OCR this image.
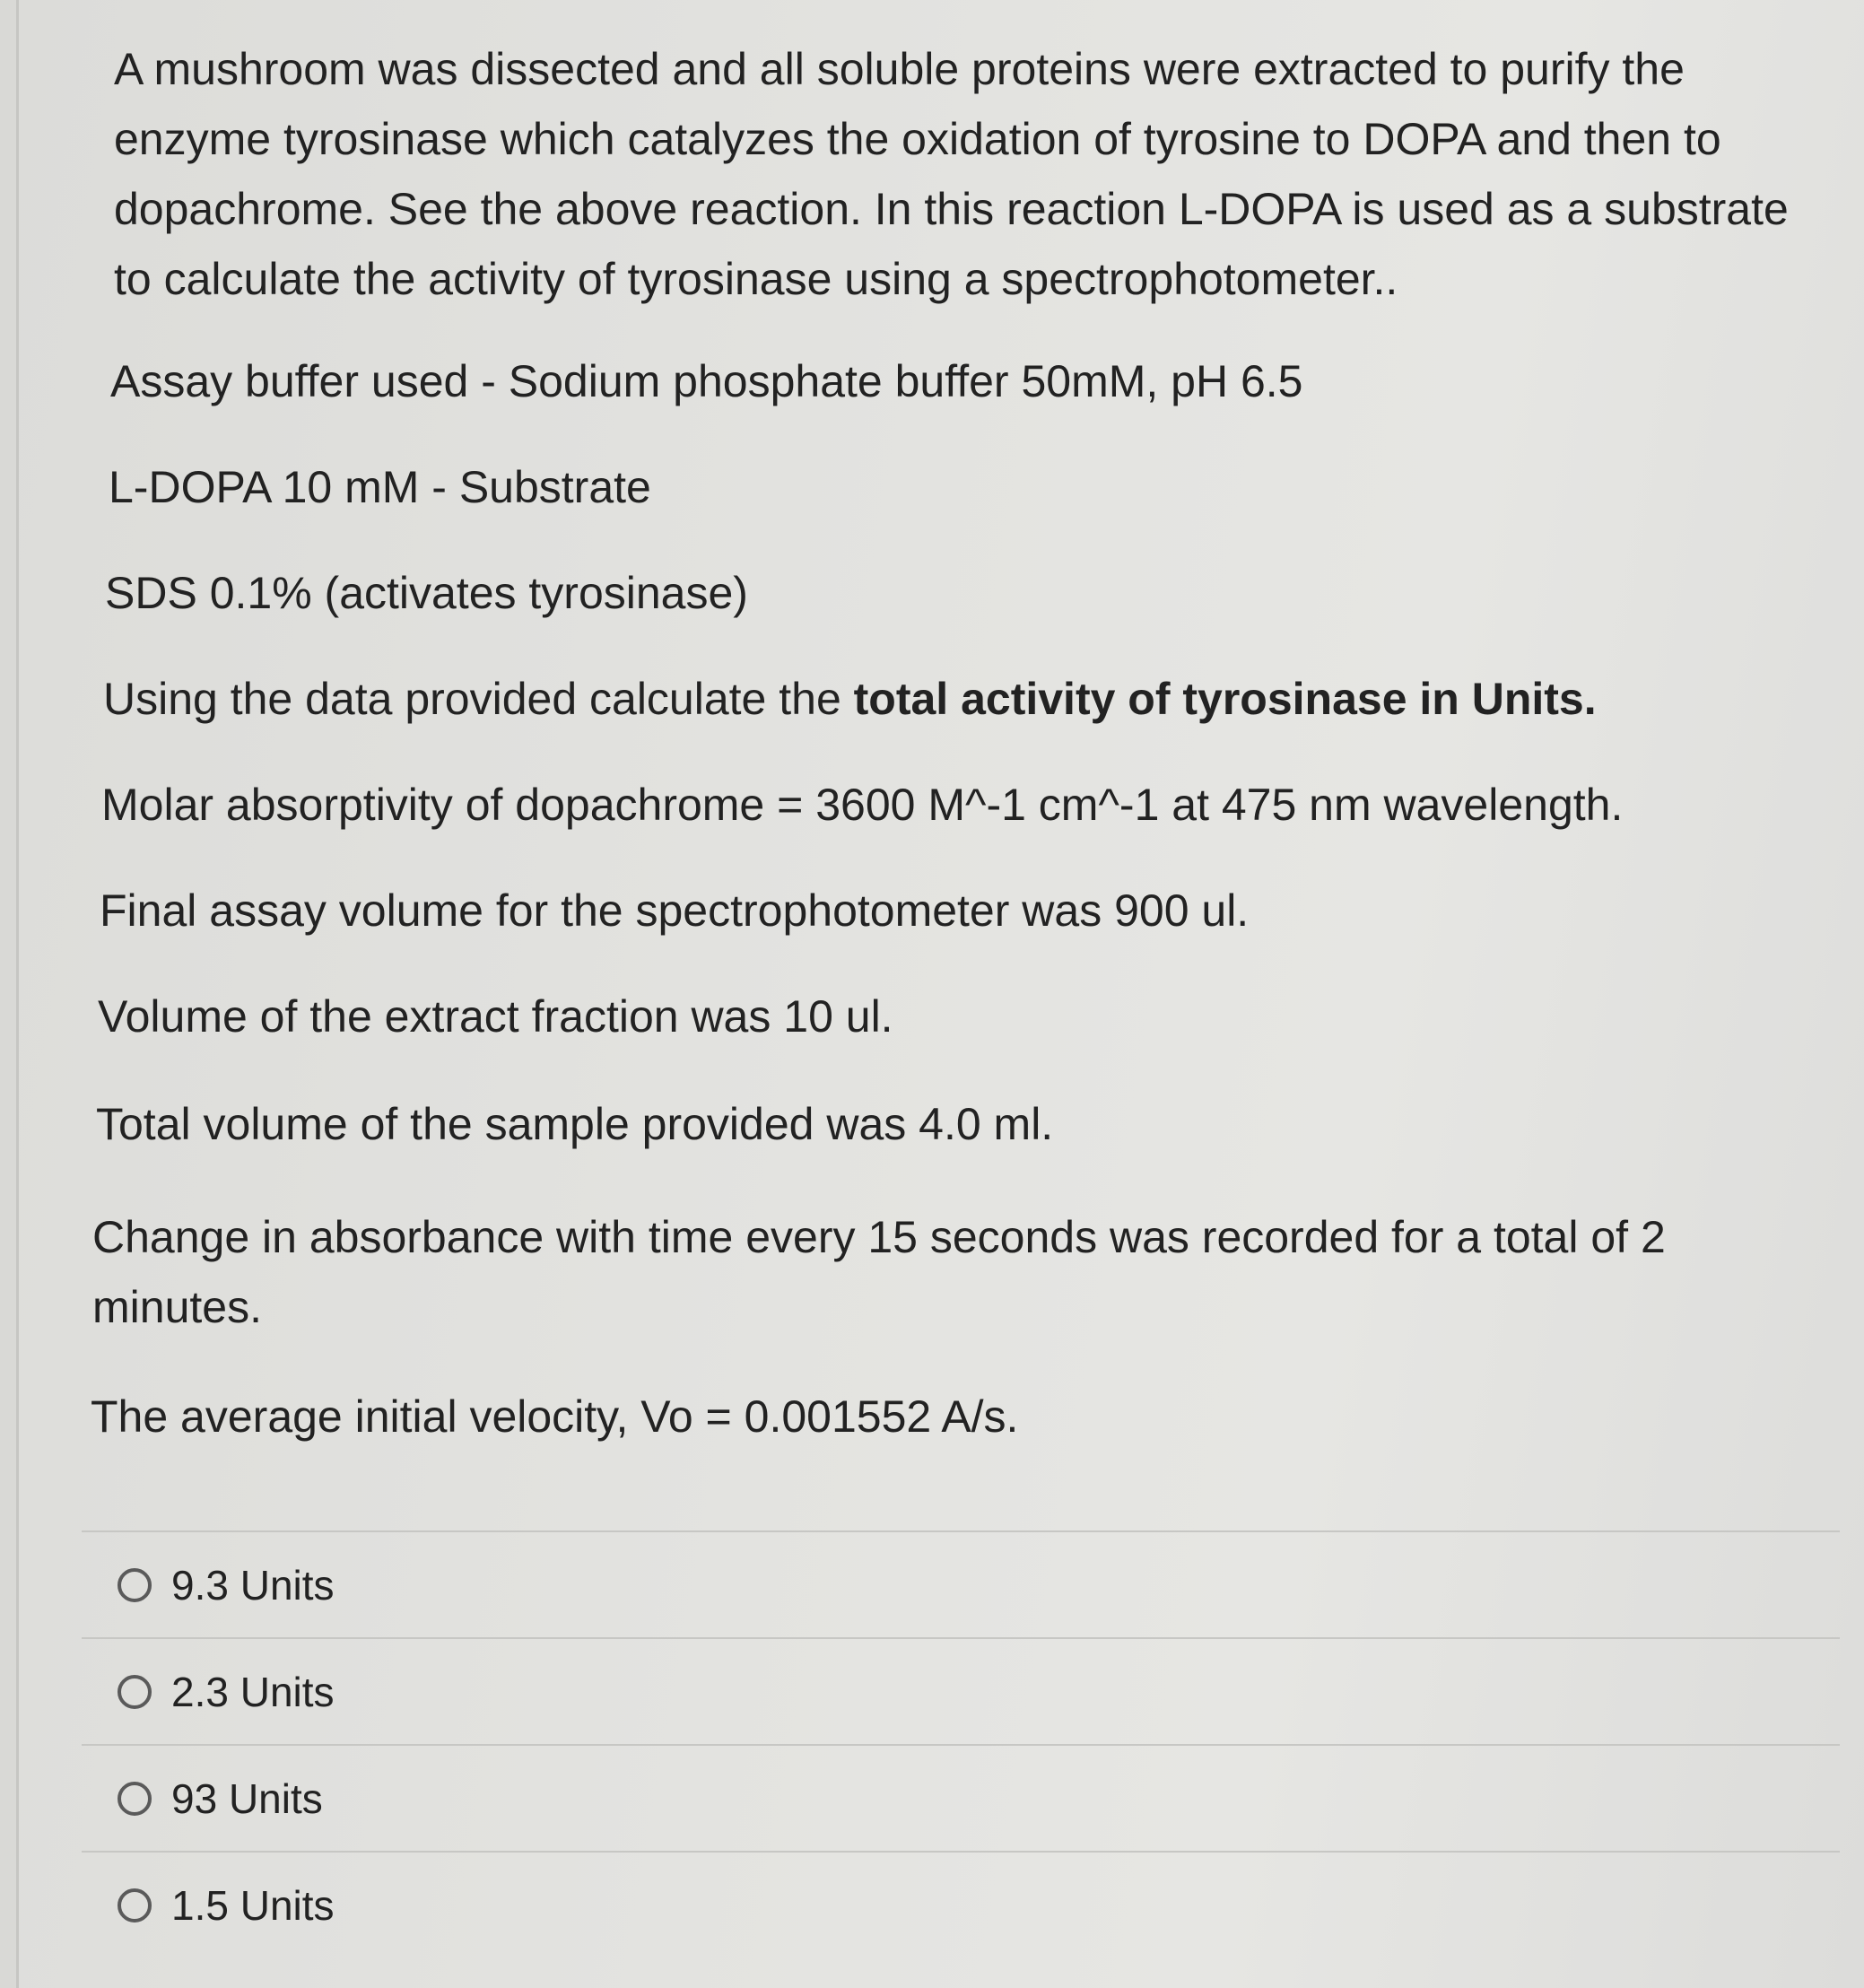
A mushroom was dissected and all soluble proteins were extracted to purify the enzyme tyrosinase which catalyzes the oxidation of tyrosine to DOPA and then to dopachrome. See the above reaction. In this reaction L-DOPA is used as a substrate to calculate the activity of tyrosinase using a spectrophotometer..

Assay buffer used - Sodium phosphate buffer 50mM, pH 6.5

L-DOPA 10 mM - Substrate

SDS 0.1% (activates tyrosinase)

Using the data provided calculate the total activity of tyrosinase in Units.

Molar absorptivity of dopachrome = 3600 M^-1 cm^-1 at 475 nm wavelength.

Final assay volume for the spectrophotometer was 900 ul.

Volume of the extract fraction was 10 ul.

Total volume of the sample provided was 4.0 ml.

Change in absorbance with time every 15 seconds was recorded for a total of 2 minutes.

The average initial velocity, Vo = 0.001552 A/s.

9.3 Units
2.3 Units
93 Units
1.5 Units
